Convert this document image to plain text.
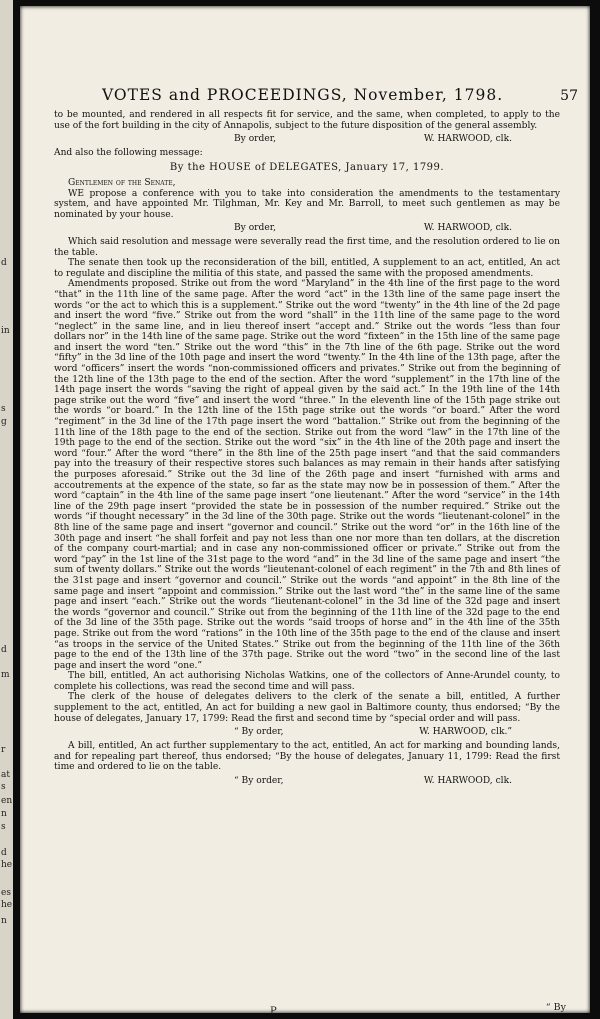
d
in
s
g
d
m
r
at
s
en
n
s
d
he
es
he
n
VOTES and PROCEEDINGS, November, 1798.	57

to be mounted, and rendered in all respects fit for service, and the same, when completed, to apply to the use of the fort building in the city of Annapolis, subject to the future disposition of the general assembly.

By order,	W. HARWOOD, clk.

And also the following message:

By the HOUSE of DELEGATES, January 17, 1799.

Gentlemen of the Senate,

WE propose a conference with you to take into consideration the amendments to the testamentary system, and have appointed Mr. Tilghman, Mr. Key and Mr. Barroll, to meet such gentlemen as may be nominated by your house.

By order,	W. HARWOOD, clk.

Which said resolution and message were severally read the first time, and the resolution ordered to lie on the table.

The senate then took up the reconsideration of the bill, entitled, A supplement to an act, entitled, An act to regulate and discipline the militia of this state, and passed the same with the proposed amendments.

Amendments proposed. Strike out from the word “Maryland” in the 4th line of the first page to the word “that” in the 11th line of the same page. After the word “act” in the 13th line of the same page insert the words “or the act to which this is a supplement.” Strike out the word “twenty” in the 4th line of the 2d page and insert the word “five.” Strike out from the word “shall” in the 11th line of the same page to the word “neglect” in the same line, and in lieu thereof insert “accept and.” Strike out the words “less than four dollars nor” in the 14th line of the same page. Strike out the word “fixteen” in the 15th line of the same page and insert the word “ten.” Strike out the word “this” in the 7th line of the 6th page. Strike out the word “fifty” in the 3d line of the 10th page and insert the word “twenty.” In the 4th line of the 13th page, after the word “officers” insert the words “non-commissioned officers and privates.” Strike out from the beginning of the 12th line of the 13th page to the end of the section. After the word “supplement” in the 17th line of the 14th page insert the words “saving the right of appeal given by the said act.” In the 19th line of the 14th page strike out the word “five” and insert the word “three.” In the eleventh line of the 15th page strike out the words “or board.” In the 12th line of the 15th page strike out the words “or board.” After the word “regiment” in the 3d line of the 17th page insert the word “battalion.” Strike out from the beginning of the 11th line of the 18th page to the end of the section. Strike out from the word “law” in the 17th line of the 19th page to the end of the section. Strike out the word “six” in the 4th line of the 20th page and insert the word “four.” After the word “there” in the 8th line of the 25th page insert “and that the said commanders pay into the treasury of their respective stores such balances as may remain in their hands after satisfying the purposes aforesaid.” Strike out the 3d line of the 26th page and insert “furnished with arms and accoutrements at the expence of the state, so far as the state may now be in possession of them.” After the word “captain” in the 4th line of the same page insert “one lieutenant.” After the word “service” in the 14th line of the 29th page insert “provided the state be in possession of the number required.” Strike out the words “if thought necessary” in the 3d line of the 30th page. Strike out the words “lieutenant-colonel” in the 8th line of the same page and insert “governor and council.” Strike out the word “or” in the 16th line of the 30th page and insert “he shall forfeit and pay not less than one nor more than ten dollars, at the discretion of the company court-martial; and in case any non-commissioned officer or private.” Strike out from the word “pay” in the 1st line of the 31st page to the word “and” in the 3d line of the same page and insert “the sum of twenty dollars.” Strike out the words “lieutenant-colonel of each regiment” in the 7th and 8th lines of the 31st page and insert “governor and council.” Strike out the words “and appoint” in the 8th line of the same page and insert “appoint and commission.” Strike out the last word “the” in the same line of the same page and insert “each.” Strike out the words “lieutenant-colonel” in the 3d line of the 32d page and insert the words “governor and council.” Strike out from the beginning of the 11th line of the 32d page to the end of the 3d line of the 35th page. Strike out the words “said troops of horse and” in the 4th line of the 35th page. Strike out from the word “rations” in the 10th line of the 35th page to the end of the clause and insert “as troops in the service of the United States.” Strike out from the beginning of the 11th line of the 36th page to the end of the 13th line of the 37th page. Strike out the word “two” in the second line of the last page and insert the word “one.”

The bill, entitled, An act authorising Nicholas Watkins, one of the collectors of Anne-Arundel county, to complete his collections, was read the second time and will pass.

The clerk of the house of delegates delivers to the clerk of the senate a bill, entitled, A further supplement to the act, entitled, An act for building a new gaol in Baltimore county, thus endorsed; “By the house of delegates, January 17, 1799: Read the first and second time by “special order and will pass.

“ By order,	W. HARWOOD, clk.”

A bill, entitled, An act further supplementary to the act, entitled, An act for marking and bounding lands, and for repealing part thereof, thus endorsed; “By the house of delegates, January 11, 1799: Read the first time and ordered to lie on the table.

“ By order,	W. HARWOOD, clk.
P	“ By
